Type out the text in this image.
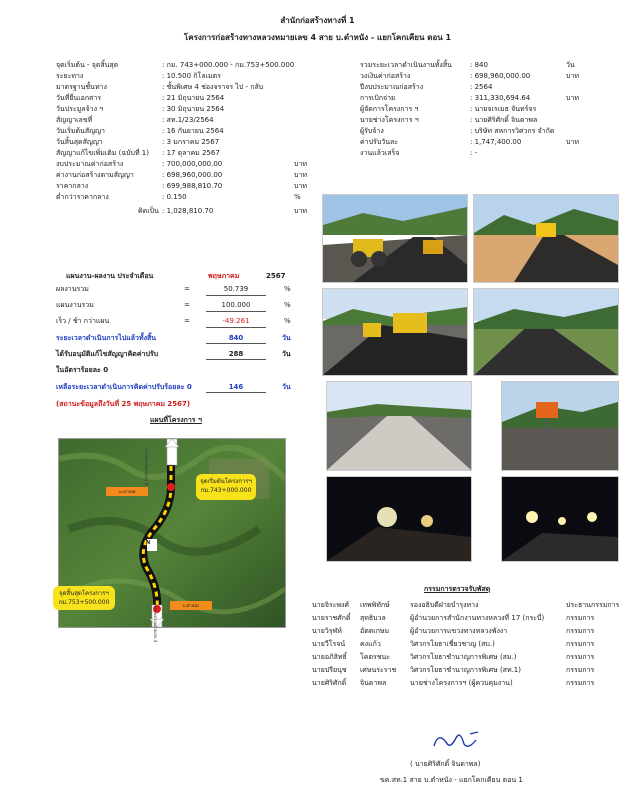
สำนักก่อสร้างทางที่ 1
โครงการก่อสร้างทางหลวงหมายเลข 4 สาย บ.ตำหนัง - แยกโคกเคียน ตอน 1
จุดเริ่มต้น - จุดสิ้นสุด	: กม. 743+000.000 - กม.753+500.000
ระยะทาง	: 10.500 กิโลเมตร
มาตรฐานชั้นทาง	: ชั้นพิเศษ 4 ช่องจราจร ไป - กลับ
วันที่ยื่นเอกสาร	: 21 มิถุนายน 2564
วันประมูลจ้าง ฯ	: 30 มิถุนายน 2564
สัญญาเลขที่	: สท.1/23/2564
วันเริ่มต้นสัญญา	: 16 กันยายน 2564
วันสิ้นสุดสัญญา	: 3 มกราคม 2567
สัญญาแก้ไขเพิ่มเติม (ฉบับที่ 1) : 17 ตุลาคม 2567
งบประมาณค่าก่อสร้าง	: 700,000,000.00	บาท
ค่างานก่อสร้างตามสัญญา	: 698,960,000.00	บาท
ราคากลาง	: 699,988,810.70	บาท
ต่ำกว่าราคากลาง	: 0.150	%
คิดเป็น : 1,028,810.70	บาท
รวมระยะเวลาดำเนินงานทั้งสิ้น	: 840	วัน
วงเงินค่าก่อสร้าง	: 698,960,000.00	บาท
ปีงบประมาณก่อสร้าง	: 2564
การเบิกจ่าย	: 311,330,694.64	บาท
ผู้จัดการโครงการ ฯ	: นายจเรเมธ จันทร์จร
นายช่างโครงการ ฯ	: นายศิริศักดิ์ จินดาพล
ผู้รับจ้าง	: บริษัท สหการวิศวกร จำกัด
ค่าปรับวันละ	: 1,747,400.00	บาท
งานแล้วเสร็จ	: -
แผนงาน-ผลงาน ประจำเดือน	พฤษภาคม	2567
ผลงานรวม	=	50.739	%
แผนงานรวม	=	100.000	%
เร็ว / ช้า กว่าแผน	=	-49.261	%
ระยะเวลาดำเนินการไปแล้วทั้งสิ้น	840	วัน
ได้รับอนุมัติแก้ไขสัญญาคิดค่าปรับ	288	วัน
ในอัตราร้อยละ 0
เหลือระยะเวลาดำเนินการคิดค่าปรับร้อยละ 0	146	วัน
(สถานะข้อมูลถึงวันที่ 25 พฤษภาคม 2567)
แผนที่โครงการ ฯ
ทางหลวงหมายเลข 4
ทางหลวงหมายเลข 4
N
จุดเริ่มต้นโครงการฯ
กม.743+000.000
จุดสิ้นสุดโครงการฯ
กม.753+500.000
บ.เขาเทพ
บ.ตำหนัง
กรรมการตรวจรับพัสดุ
นายจิระพงศ์ เทพพิทักษ์	รองอธิบดีฝ่ายบำรุงทาง	ประธานกรรมการ
นายราชศักดิ์ สุทธิบวล	ผู้อำนวยการสำนักงานทางหลวงที่ 17 (กระบี่)	กรรมการ
นายวิรุฬห์	อัตตเกษม	ผู้อำนวยการแขวงทางหลวงพังงา	กรรมการ
นายวีโรจน์ คงแก้ว	วิศวกรโยธาเชี่ยวชาญ (สบ.)	กรรมการ
นายอภิสิทธิ์ โคตรชนะ	วิศวกรโยธาชำนาญการพิเศษ (สม.)	กรรมการ
นายปรียนุช เศษนระราช วิศวกรโยธาชำนาญการพิเศษ (สท.1)	กรรมการ
นายศิริศักดิ์ จินดาพล	นายช่างโครงการฯ (ผู้ควบคุมงาน)	กรรมการ
( นายศิริศักดิ์ จินดาพล)
ขค.สท.1 สาย บ.ตำหนัง - แยกโคกเคียน ตอน 1
